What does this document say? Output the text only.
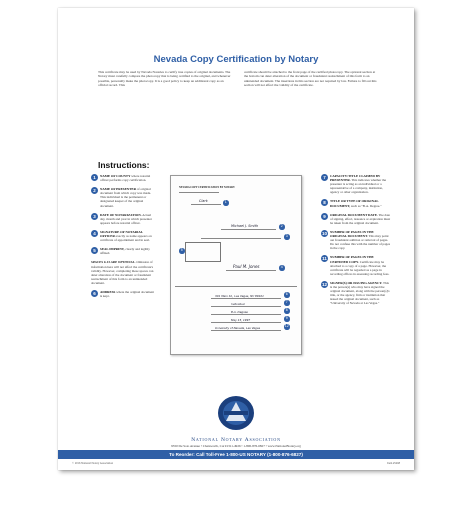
Nevada Copy Certification by Notary
This certificate may be used by Nevada Notaries to certify true copies of original documents. The Notary must carefully compare the photocopy that is being certified to the original, and whenever possible, personally make the photocopy. It is a good policy to keep an additional copy as an official record. This
certificate should be attached to the front page of the certified photocopy. The optional section at the bottom can deter alteration of the document or fraudulent reattachment of this form to an unintended document. The insertions in this section are not required by law. Failure to fill out this section will not affect the validity of the certificate.
Instructions:
1	NAME OF COUNTY where notarial officer performs copy certification.
2	NAME OF PRESENTER of original document from which copy was made. This individual is the permanent or designated keeper of the original document.
3	DATE OF NOTARIZATION. Actual day, month and year in which presenter appears before notarial officer.
4	SIGNATURE OF NOTARIAL OFFICER exactly as name appears on certificate of appointment and in seal.
5	SEAL IMPRINT, clearly and legibly affixed.
SPACES 6-13 ARE OPTIONAL. Omission of information here will not affect the certificate's validity. However, completing these spaces can deter alteration of the document or fraudulent reattachment of this form to an unintended document.
6	ADDRESS where the original document is kept.
NEVADA COPY CERTIFICATION BY NOTARY
Clark	1
Michael J. Smith	2
3
5
Paul M. Jones	4
301 Main St., Las Vegas, NV 89101
Individual
B.A. Degree
May 15, 1997
University of Nevada, Las Vegas
6
7
8
9
12
7	CAPACITY/TITLE CLAIMED BY PRESENTER. This indicates whether the presenter is acting as an individual or a representative of a company, institution, agency or other organization.
8	TITLE OR TYPE OF ORIGINAL DOCUMENT, such as "B.A. Degree."
9	ORIGINAL DOCUMENT DATE. The date of signing, effect, issuance or expiration must be taken from the original document.
10 NUMBER OF PAGES IN THE ORIGINAL DOCUMENT. This may point out fraudulent addition or removal of pages. Do not confuse this with the number of pages in the copy.
11 NUMBER OF PAGES IN THE CERTIFIED COPY. Certificate may be attached to a copy of a page. However, the certificate will be regarded as a page in recording offices in assessing recording fees.
12 SIGNER(S) OR ISSUING AGENCY. This is the person(s) who may have signed the original document, along with the person(s)'s title, or the agency, firm or institution that issued the original document, such as "University of Nevada at Las Vegas."
National Notary Association
9350 De Soto Avenue • Chatsworth, CA 91311-4926 • 1-800-876-6827 • www.NationalNotary.org
To Reorder: Call Toll-Free 1-800-US NOTARY (1-800-876-6827)
© 2016 National Notary Association	Item #5468
